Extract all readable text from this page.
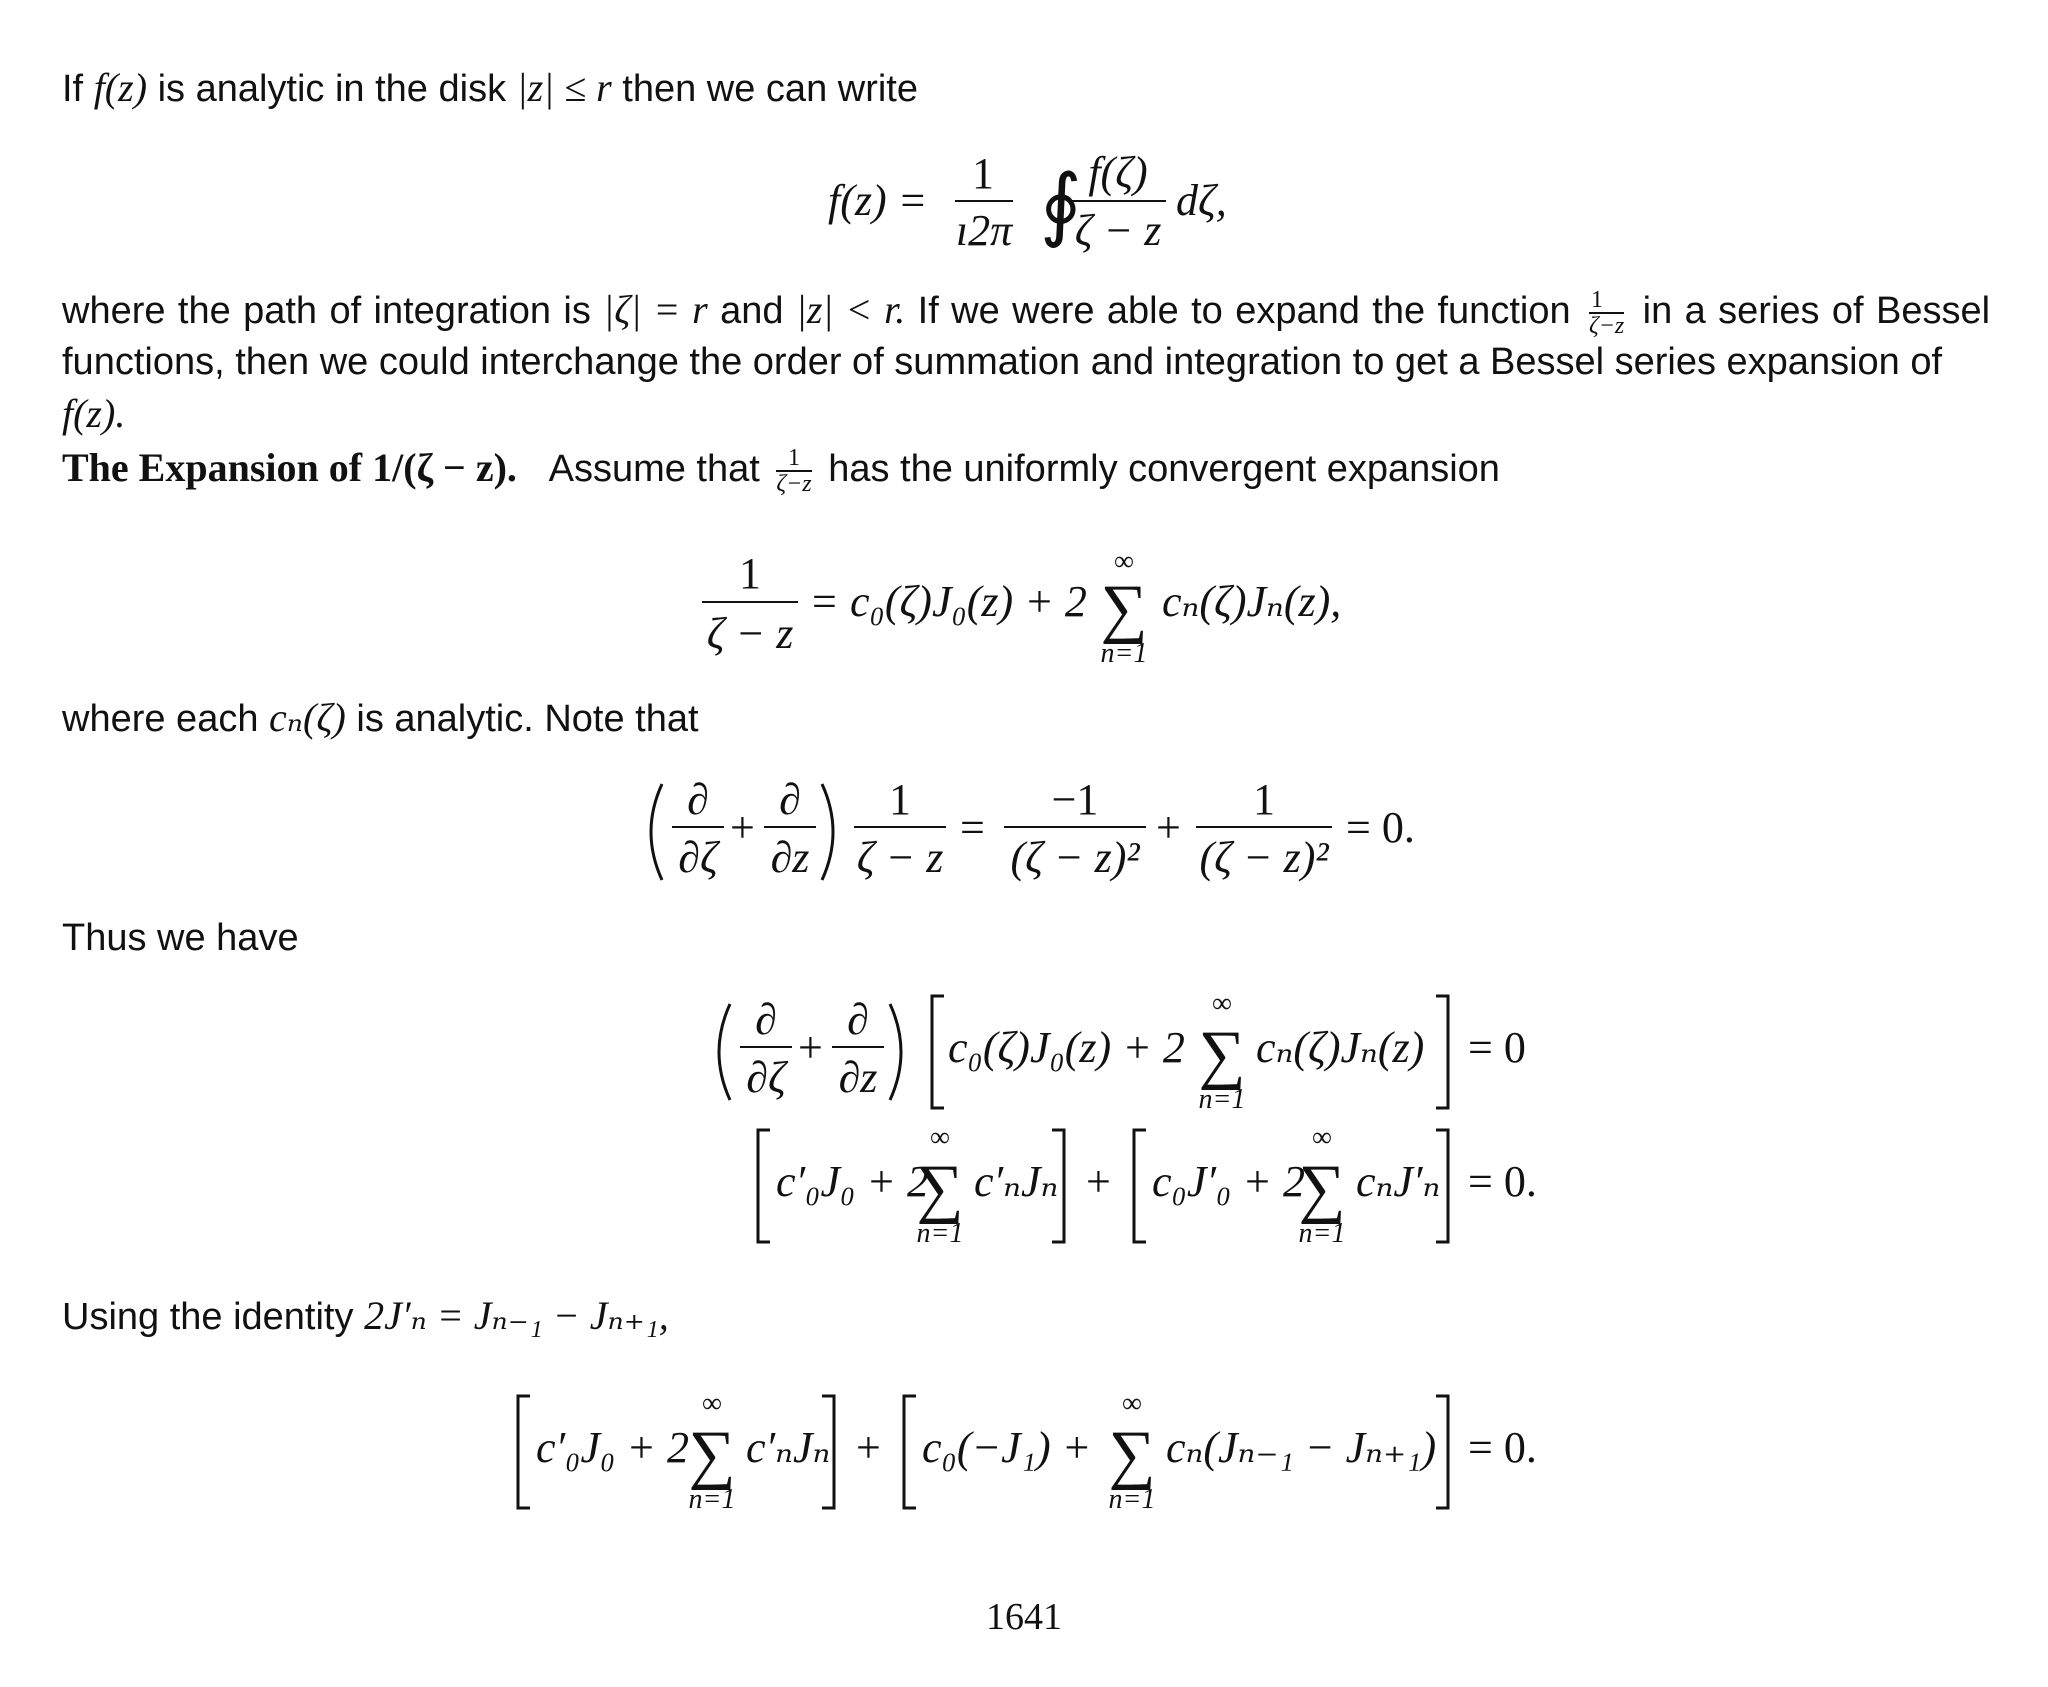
If f(z) is analytic in the disk |z| ≤ r then we can write
f(z) =
1
ı2π ∮ f(ζ)
ζ − z
dζ,
where the path of integration is |ζ| = r and |z| < r. If we were able to expand the function $\frac{1}{\zeta-z}$ in a series of Bessel
functions, then we could interchange the order of summation and integration to get a Bessel series expansion of f(z).
The Expansion of 1/(ζ − z). Assume that $\frac{1}{\zeta-z}$ has the uniformly convergent expansion
1
ζ − z
= c₀(ζ)J₀(z) + 2
∞
∑
n=1
cₙ(ζ)Jₙ(z),
where each cₙ(ζ) is analytic. Note that
∂
∂ζ
+
∂
∂z
1
ζ − z
=
−1
(ζ − z)²
+
1
(ζ − z)²
= 0.
Thus we have
∂
∂ζ
+
∂
∂z
c₀(ζ)J₀(z) + 2
∞
∑
n=1
cₙ(ζ)Jₙ(z) = 0
c′₀J₀ + 2
∞
∑
n=1
c′ₙJₙ + c₀J′₀ + 2
∞
∑
n=1
cₙJ′ₙ = 0.
Using the identity 2J′ₙ = Jₙ₋₁ − Jₙ₊₁,
c′₀J₀ + 2
∞
∑
n=1
c′ₙJₙ + c₀(−J₁) +
∞
∑
n=1
cₙ(Jₙ₋₁ − Jₙ₊₁) = 0.
1641
